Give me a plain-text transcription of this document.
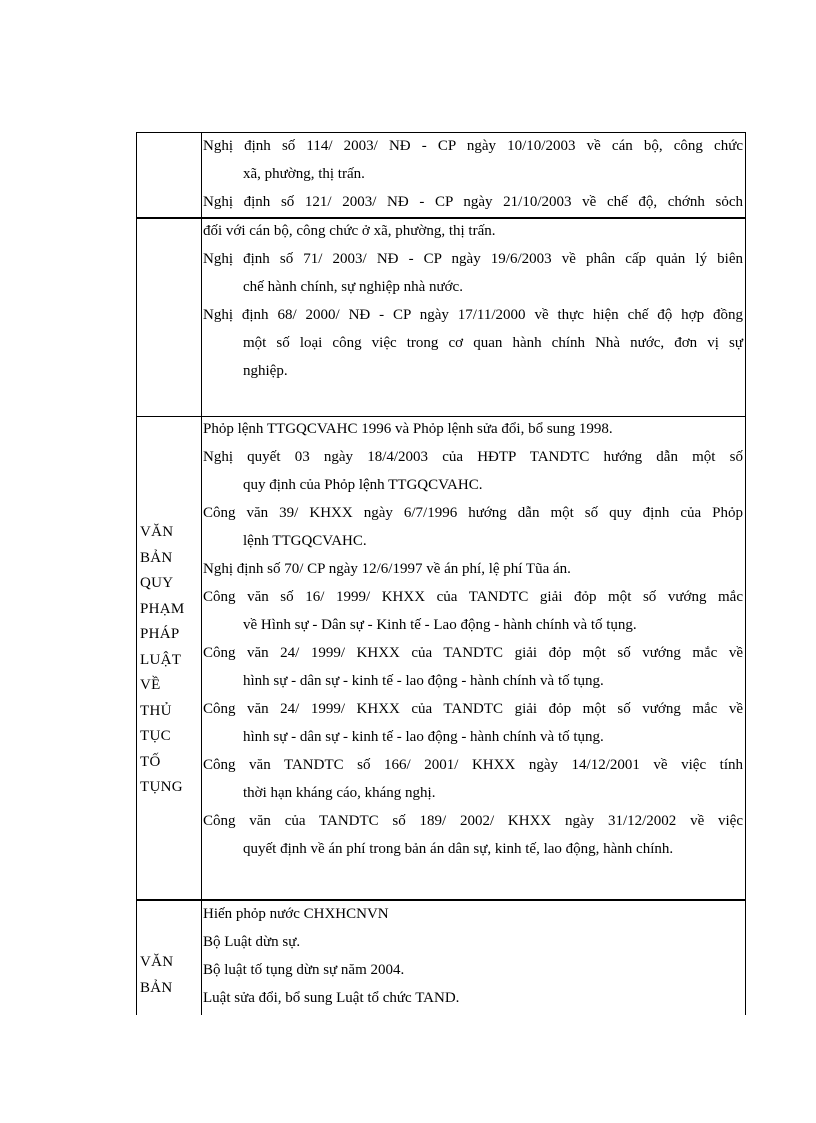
Nghị định số 114/ 2003/ NĐ - CP ngày 10/10/2003 về cán bộ, công chức
xã, phường, thị trấn.
Nghị định số 121/ 2003/ NĐ - CP ngày 21/10/2003 về chế độ, chớnh sỏch
đối với cán bộ, công chức ở xã, phường, thị trấn.
Nghị định số 71/ 2003/ NĐ - CP ngày 19/6/2003 về phân cấp quản lý biên
chế hành chính, sự nghiệp nhà nước.
Nghị định 68/ 2000/ NĐ - CP ngày 17/11/2000 về thực hiện chế độ hợp đồng
một số loại công việc trong cơ quan hành chính Nhà nước, đơn vị sự
nghiệp.
VĂN
BẢN
QUY
PHẠM
PHÁP
LUẬT
VỀ
THỦ
TỤC
TỐ
TỤNG
Phỏp lệnh TTGQCVAHC 1996 và Phỏp lệnh sửa đổi, bổ sung 1998.
Nghị quyết 03 ngày 18/4/2003 của HĐTP TANDTC hướng dẫn một số
quy định của Phỏp lệnh TTGQCVAHC.
Công văn 39/ KHXX ngày 6/7/1996 hướng dẫn một số quy định của Phỏp
lệnh TTGQCVAHC.
Nghị định số 70/ CP ngày 12/6/1997 về án phí, lệ phí Tũa án.
Công văn số 16/ 1999/ KHXX của TANDTC giải đỏp một số vướng mắc
về Hình sự - Dân sự - Kinh tế - Lao động - hành chính và tố tụng.
Công văn 24/ 1999/ KHXX của TANDTC giải đỏp một số vướng mắc về
hình sự - dân sự - kinh tế - lao động - hành chính và tố tụng.
Công văn 24/ 1999/ KHXX của TANDTC giải đỏp một số vướng mắc về
hình sự - dân sự - kinh tế - lao động - hành chính và tố tụng.
Công văn TANDTC số 166/ 2001/ KHXX ngày 14/12/2001 về việc tính
thời hạn kháng cáo, kháng nghị.
Công văn của TANDTC số 189/ 2002/ KHXX ngày 31/12/2002 về việc
quyết định về án phí trong bản án dân sự, kinh tế, lao động, hành chính.
VĂN
BẢN
Hiến phỏp nước CHXHCNVN
Bộ Luật dừn sự.
Bộ luật tố tụng dừn sự năm 2004.
Luật sửa đổi, bổ sung Luật tổ chức TAND.
